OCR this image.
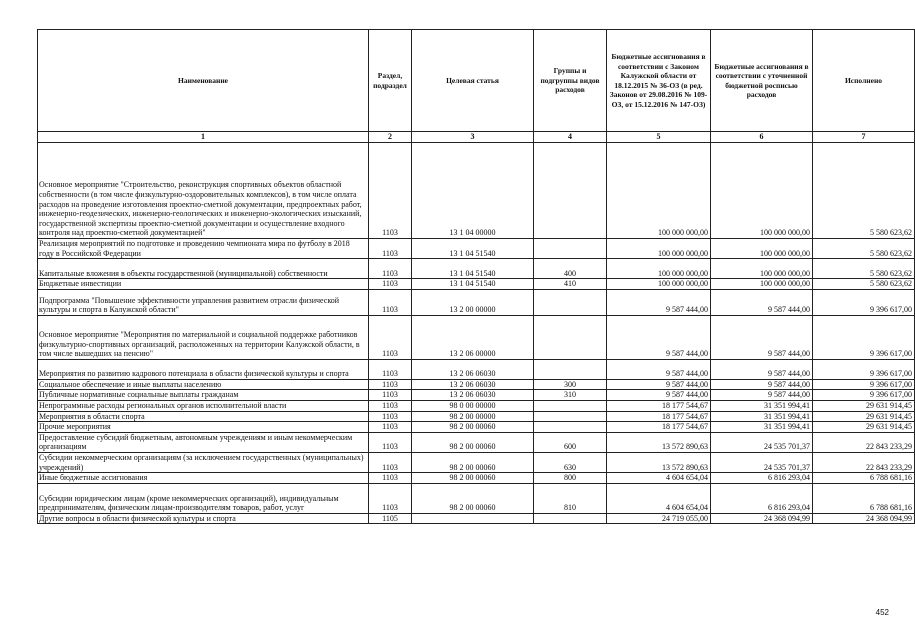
Наименование	Раздел, подраздел	Целевая статья	Группы и подгруппы видов расходов	Бюджетные ассигнования в соответствии с Законом Калужской области от 18.12.2015 № 36-ОЗ (в ред. Законов от 29.08.2016 № 109-ОЗ, от 15.12.2016 № 147-ОЗ)	Бюджетные ассигнования в соответствии с уточненной бюджетной росписью расходов	Исполнено
1	2	3	4	5	6	7
Основное мероприятие "Строительство, реконструкция спортивных объектов областной собственности (в том числе физкультурно-оздоровительных комплексов), в том числе оплата расходов на проведение изготовления проектно-сметной документации, предпроектных работ, инженерно-геодезических, инженерно-геологических и инженерно-экологических изысканий, государственной экспертизы проектно-сметной документации и осуществление входного контроля над проектно-сметной документацией"	1103	13 1 04 00000		100 000 000,00	100 000 000,00	5 580 623,62
Реализация мероприятий по подготовке и проведению чемпионата мира по футболу в 2018 году в Российской Федерации	1103	13 1 04 51540		100 000 000,00	100 000 000,00	5 580 623,62
Капитальные вложения в объекты государственной (муниципальной) собственности	1103	13 1 04 51540	400	100 000 000,00	100 000 000,00	5 580 623,62
Бюджетные инвестиции	1103	13 1 04 51540	410	100 000 000,00	100 000 000,00	5 580 623,62
Подпрограмма "Повышение эффективности управления развитием отрасли физической культуры и спорта в Калужской области"	1103	13 2 00 00000		9 587 444,00	9 587 444,00	9 396 617,00
Основное мероприятие "Мероприятия по материальной и социальной поддержке работников физкультурно-спортивных организаций, расположенных на территории Калужской области, в том числе вышедших на пенсию"	1103	13 2 06 00000		9 587 444,00	9 587 444,00	9 396 617,00
Мероприятия по развитию кадрового потенциала в области физической культуры и спорта	1103	13 2 06 06030		9 587 444,00	9 587 444,00	9 396 617,00
Социальное обеспечение и иные выплаты населению	1103	13 2 06 06030	300	9 587 444,00	9 587 444,00	9 396 617,00
Публичные нормативные социальные выплаты гражданам	1103	13 2 06 06030	310	9 587 444,00	9 587 444,00	9 396 617,00
Непрограммные расходы региональных органов исполнительной власти	1103	98 0 00 00000		18 177 544,67	31 351 994,41	29 631 914,45
Мероприятия в области спорта	1103	98 2 00 00000		18 177 544,67	31 351 994,41	29 631 914,45
Прочие мероприятия	1103	98 2 00 00060		18 177 544,67	31 351 994,41	29 631 914,45
Предоставление субсидий бюджетным, автономным учреждениям и иным некоммерческим организациям	1103	98 2 00 00060	600	13 572 890,63	24 535 701,37	22 843 233,29
Субсидии некоммерческим организациям (за исключением государственных (муниципальных) учреждений)	1103	98 2 00 00060	630	13 572 890,63	24 535 701,37	22 843 233,29
Иные бюджетные ассигнования	1103	98 2 00 00060	800	4 604 654,04	6 816 293,04	6 788 681,16
Субсидии юридическим лицам (кроме некоммерческих организаций), индивидуальным предпринимателям, физическим лицам-производителям товаров, работ, услуг	1103	98 2 00 00060	810	4 604 654,04	6 816 293,04	6 788 681,16
Другие вопросы в области физической культуры и спорта	1105			24 719 055,00	24 368 094,99	24 368 094,99
452
